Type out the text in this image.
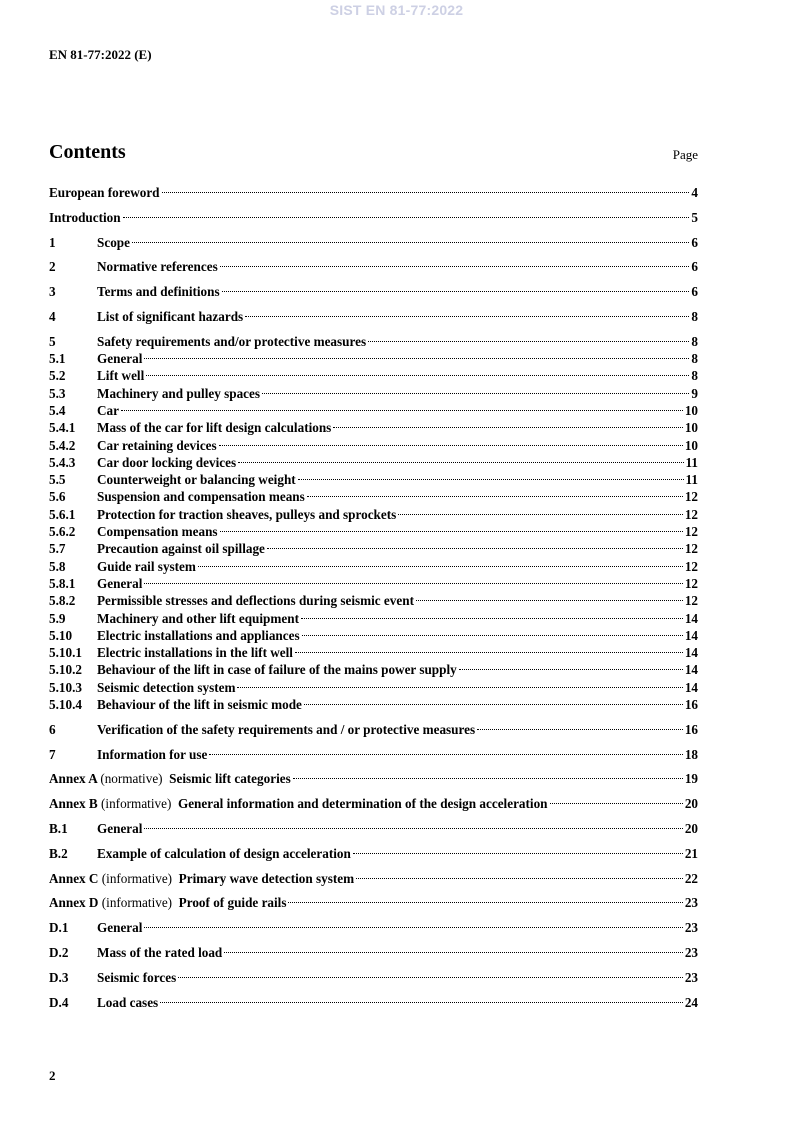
SIST EN 81-77:2022
EN 81-77:2022 (E)
Contents	Page
European foreword	4
Introduction	5
1	Scope	6
2	Normative references	6
3	Terms and definitions	6
4	List of significant hazards	8
5	Safety requirements and/or protective measures	8
5.1	General	8
5.2	Lift well	8
5.3	Machinery and pulley spaces	9
5.4	Car	10
5.4.1	Mass of the car for lift design calculations	10
5.4.2	Car retaining devices	10
5.4.3	Car door locking devices	11
5.5	Counterweight or balancing weight	11
5.6	Suspension and compensation means	12
5.6.1	Protection for traction sheaves, pulleys and sprockets	12
5.6.2	Compensation means	12
5.7	Precaution against oil spillage	12
5.8	Guide rail system	12
5.8.1	General	12
5.8.2	Permissible stresses and deflections during seismic event	12
5.9	Machinery and other lift equipment	14
5.10	Electric installations and appliances	14
5.10.1	Electric installations in the lift well	14
5.10.2	Behaviour of the lift in case of failure of the mains power supply	14
5.10.3	Seismic detection system	14
5.10.4	Behaviour of the lift in seismic mode	16
6	Verification of the safety requirements and / or protective measures	16
7	Information for use	18
Annex A (normative) Seismic lift categories	19
Annex B (informative) General information and determination of the design acceleration	20
B.1	General	20
B.2	Example of calculation of design acceleration	21
Annex C (informative) Primary wave detection system	22
Annex D (informative) Proof of guide rails	23
D.1	General	23
D.2	Mass of the rated load	23
D.3	Seismic forces	23
D.4	Load cases	24
2
